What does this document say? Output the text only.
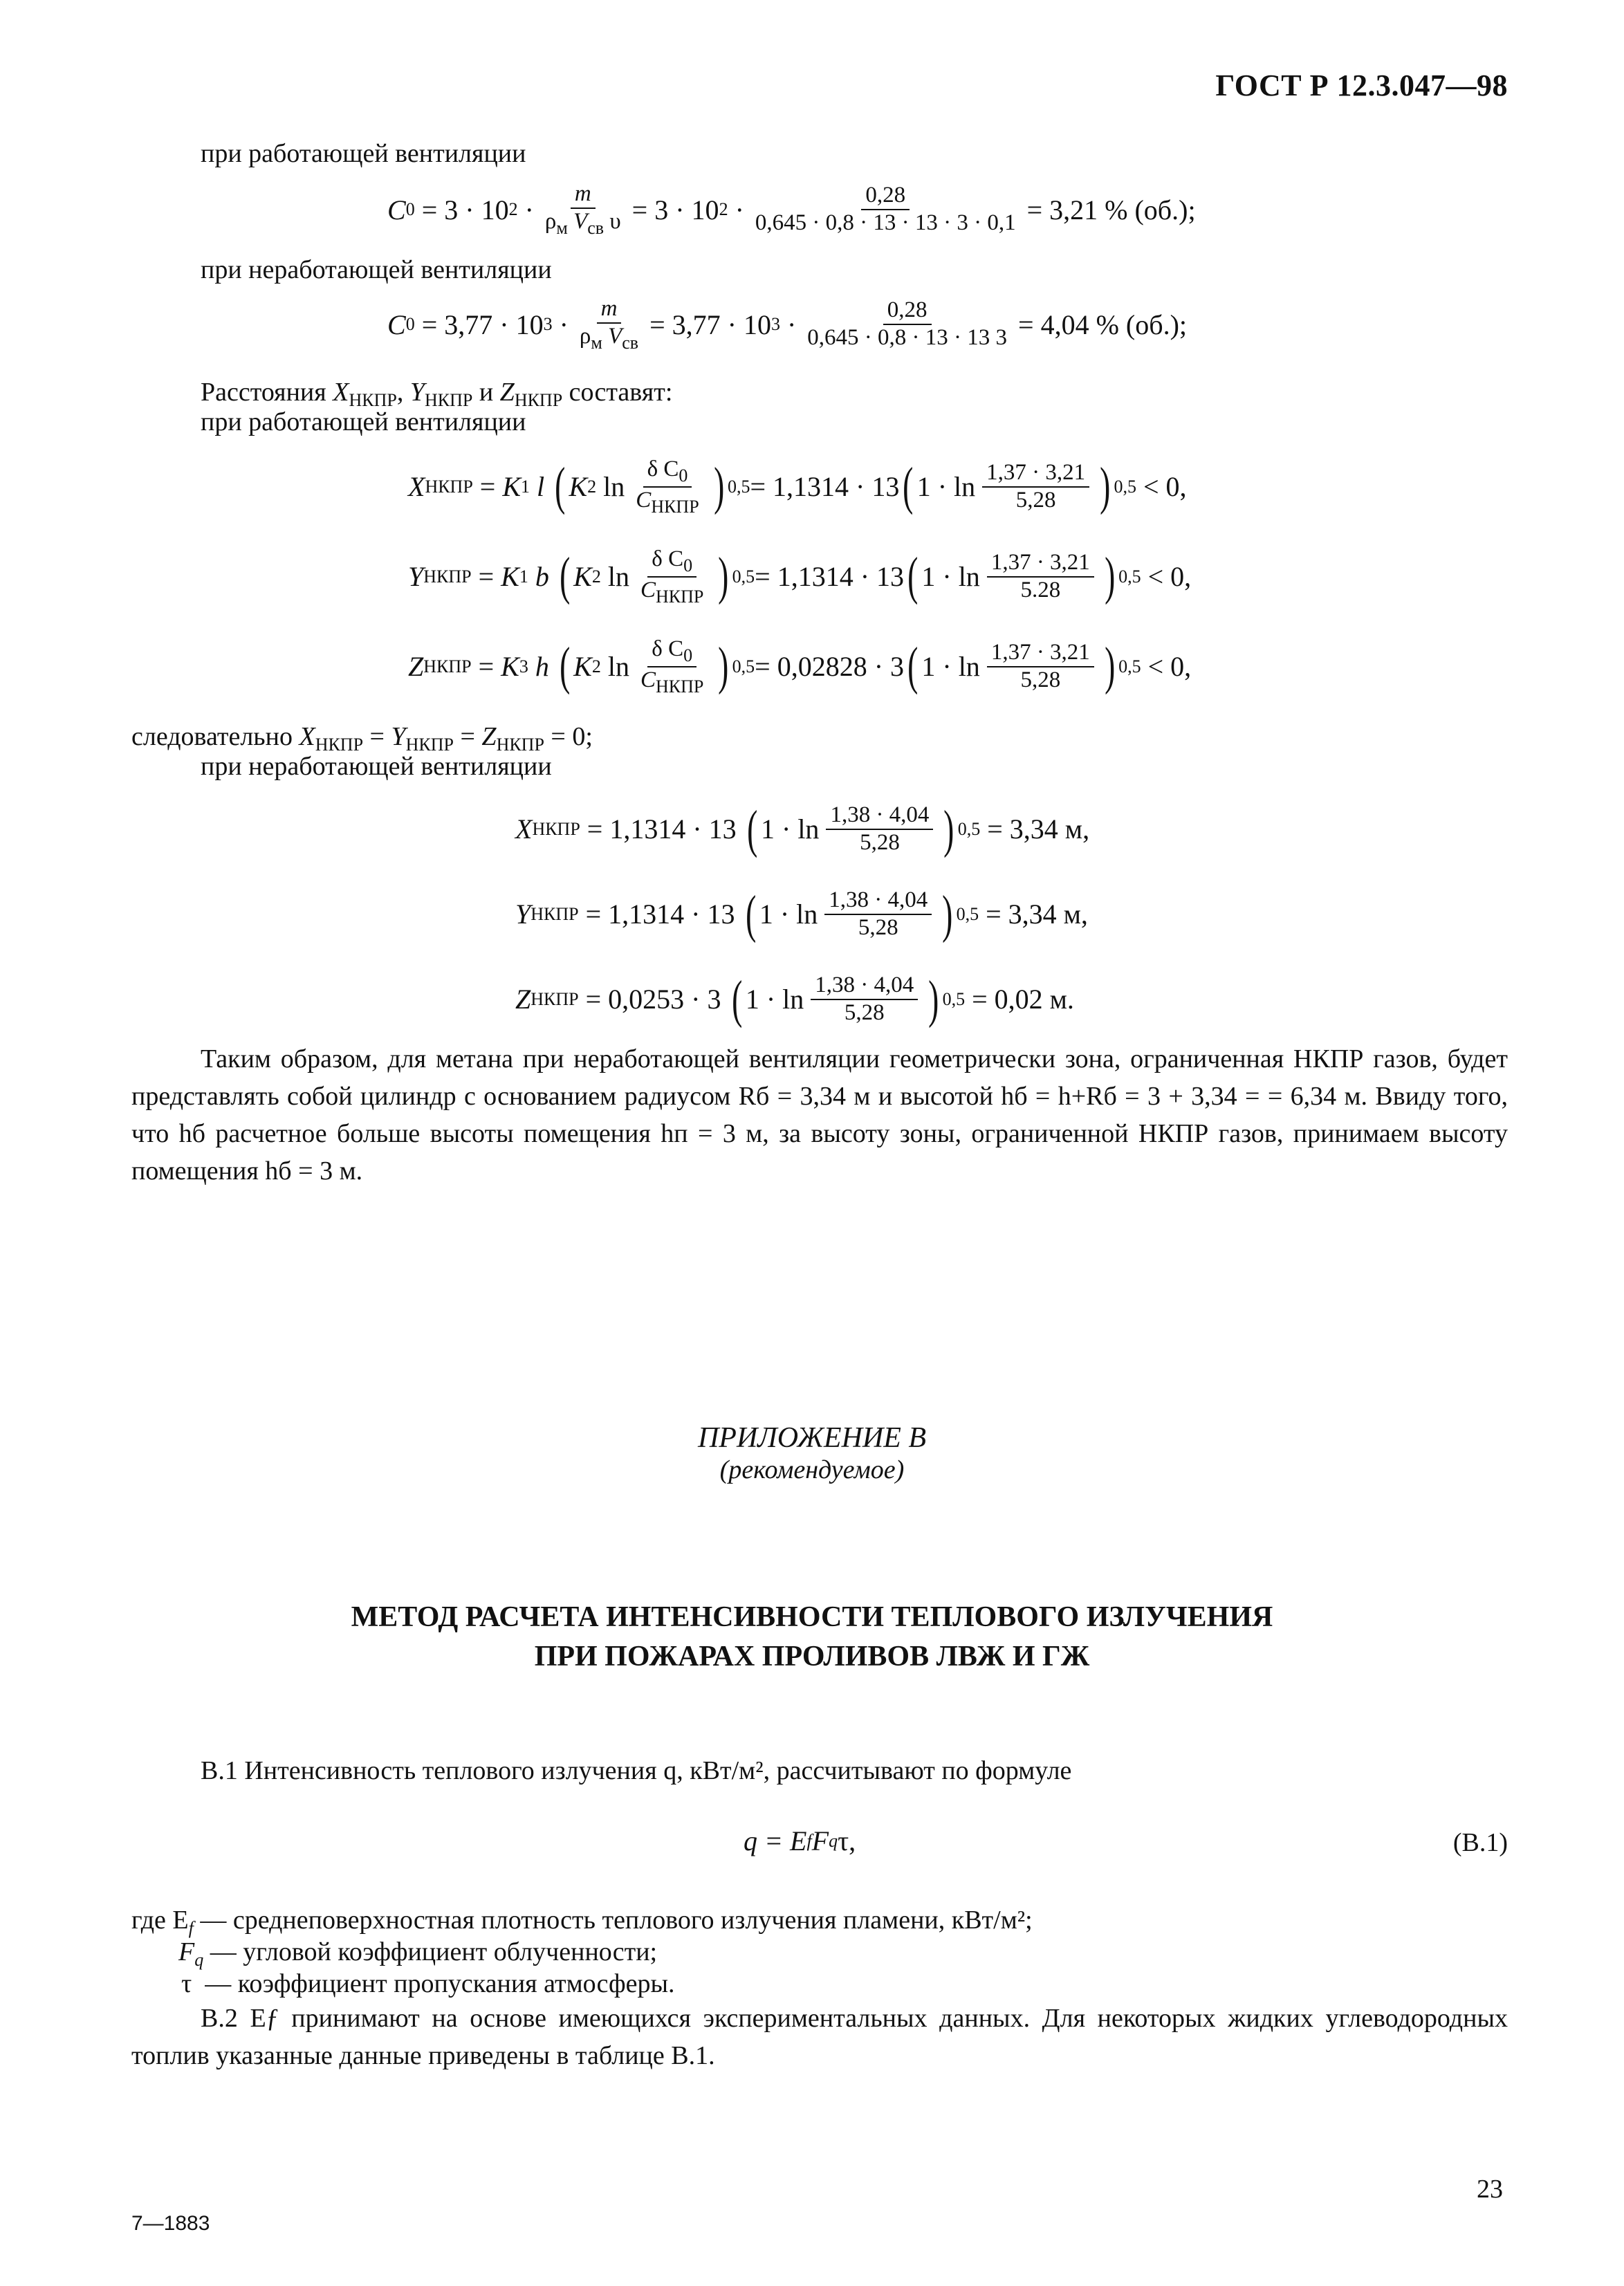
ГОСТ Р 12.3.047—98
при работающей вентиляции
C 0
= 3 · 10 2
· $\frac{m}{\rho_м V_{св} \upsilon} = 3 \cdot 10$ 2
· $\frac{0,28}{0,645 \cdot 0,8 \cdot 13 \cdot 13 \cdot 3 \cdot 0,1} = 3,21$ % (об.);
при неработающей вентиляции
C 0
= 3,77 · 10 3
· $\frac{m}{\rho_м V_{св}} = 3,77 \cdot 10$ 3
· $\frac{0,28}{0,645 \cdot 0,8 \cdot 13 \cdot 13 3} = 4,04$ % (об.);
Расстояния $X_{НКПР}$, $Y_{НКПР}$ и $Z_{НКПР}$ составят:
при работающей вентиляции
X НКПР = K 1
l
( K 2
$\ln \frac{\delta C_0}{C_{НКПР}}$ ) 0,5 = 1,1314 · 13 ( $1 \cdot \ln \frac{1,37 \cdot 3,21}{5,28}$ ) 0,5
< 0,
Y НКПР = K 1
b
( K 2
$\ln \frac{\delta C_0}{C_{НКПР}}$ ) 0,5 = 1,1314 · 13 ( $1 \cdot \ln \frac{1,37 \cdot 3,21}{5.28}$ ) 0,5
< 0,
Z НКПР = K 3
h
( K 2
$\ln \frac{\delta C_0}{C_{НКПР}}$ ) 0,5 = 0,02828 · 3 ( $1 \cdot \ln \frac{1,37 \cdot 3,21}{5,28}$ ) 0,5
< 0,
следовательно $X_{НКПР} = Y_{НКПР} = Z_{НКПР} = 0$;
при неработающей вентиляции
X НКПР
= 1,1314 · 13
( $1 \cdot \ln \frac{1,38 \cdot 4,04}{5,28}$ ) 0,5
= 3,34 м,
Y НКПР
= 1,1314 · 13
( $1 \cdot \ln \frac{1,38 \cdot 4,04}{5,28}$ ) 0,5
= 3,34 м,
Z НКПР
= 0,0253 · 3
( $1 \cdot \ln \frac{1,38 \cdot 4,04}{5,28}$ ) 0,5
= 0,02 м.
Таким образом, для метана при неработающей вентиляции геометрически зона, ограниченная НКПР газов, будет представлять собой цилиндр с основанием радиусом Rб = 3,34 м и высотой hб = h+Rб = 3 + 3,34 = = 6,34 м. Ввиду того, что hб расчетное больше высоты помещения hп = 3 м, за высоту зоны, ограниченной НКПР газов, принимаем высоту помещения hб = 3 м.
ПРИЛОЖЕНИЕ В
(рекомендуемое)
МЕТОД РАСЧЕТА ИНТЕНСИВНОСТИ ТЕПЛОВОГО ИЗЛУЧЕНИЯ
ПРИ ПОЖАРАХ ПРОЛИВОВ ЛВЖ И ГЖ
В.1 Интенсивность теплового излучения q, кВт/м², рассчитывают по формуле
q = E f F q τ,	(В.1)
где $E_f$ — среднеповерхностная плотность теплового излучения пламени, кВт/м²;
$F_q$ — угловой коэффициент облученности;
τ — коэффициент пропускания атмосферы.
В.2 Eƒ принимают на основе имеющихся экспериментальных данных. Для некоторых жидких углеводородных топлив указанные данные приведены в таблице В.1.
23
7—1883
